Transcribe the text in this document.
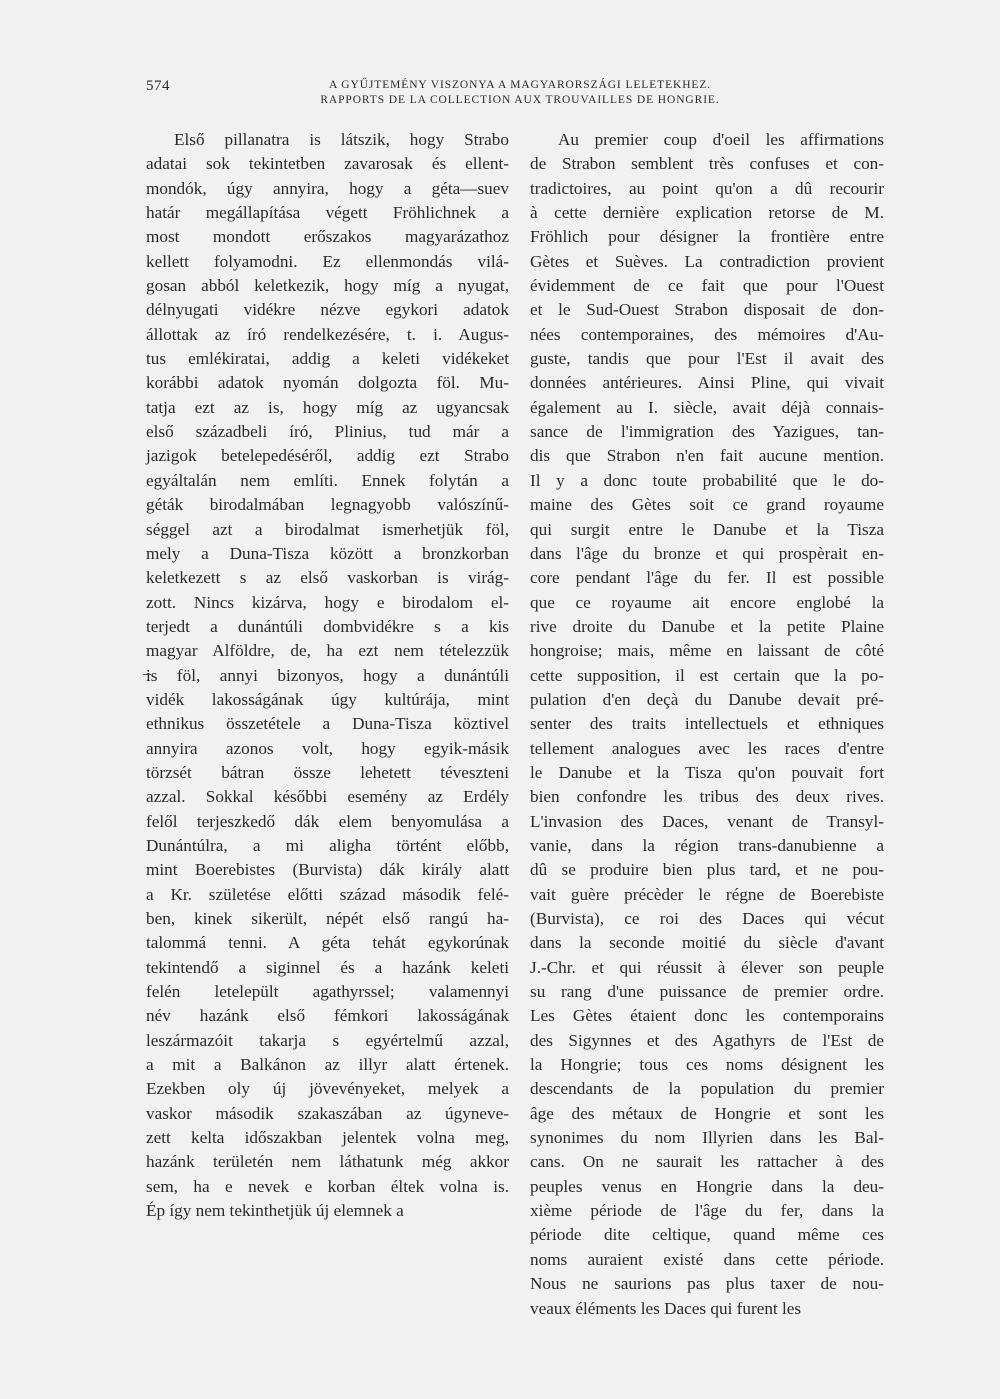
574	A GYŰJTEMÉNY VISZONYA A MAGYARORSZÁGI LELETEKHEZ.
RAPPORTS DE LA COLLECTION AUX TROUVAILLES DE HONGRIE.
Első pillanatra is látszik, hogy Strabo
adatai sok tekintetben zavarosak és ellent-
mondók, úgy annyira, hogy a géta—suev
határ megállapítása végett Fröhlichnek a
most mondott erőszakos magyarázathoz
kellett folyamodni. Ez ellenmondás vilá-
gosan abból keletkezik, hogy míg a nyugat,
délnyugati vidékre nézve egykori adatok
állottak az író rendelkezésére, t. i. Augus-
tus emlékiratai, addig a keleti vidékeket
korábbi adatok nyomán dolgozta föl. Mu-
tatja ezt az is, hogy míg az ugyancsak
első századbeli író, Plinius, tud már a
jazigok betelepedéséről, addig ezt Strabo
egyáltalán nem említi. Ennek folytán a
géták birodalmában legnagyobb valószínű-
séggel azt a birodalmat ismerhetjük föl,
mely a Duna-Tisza között a bronzkorban
keletkezett s az első vaskorban is virág-
zott. Nincs kizárva, hogy e birodalom el-
terjedt a dunántúli dombvidékre s a kis
magyar Alföldre, de, ha ezt nem tételezzük
is föl, annyi bizonyos, hogy a dunántúli
vidék lakosságának úgy kultúrája, mint
ethnikus összetétele a Duna-Tisza köztivel
annyira azonos volt, hogy egyik-másik
törzsét bátran össze lehetett téveszteni
azzal. Sokkal későbbi esemény az Erdély
felől terjeszkedő dák elem benyomulása a
Dunántúlra, a mi aligha történt előbb,
mint Boerebistes (Burvista) dák király alatt
a Kr. születése előtti század második felé-
ben, kinek sikerült, népét első rangú ha-
talommá tenni. A géta tehát egykorúnak
tekintendő a siginnel és a hazánk keleti
felén letelepült agathyrssel; valamennyi
név hazánk első fémkori lakosságának
leszármazóit takarja s egyértelmű azzal,
a mit a Balkánon az illyr alatt értenek.
Ezekben oly új jövevényeket, melyek a
vaskor második szakaszában az úgyneve-
zett kelta időszakban jelentek volna meg,
hazánk területén nem láthatunk még akkor
sem, ha e nevek e korban éltek volna is.
Ép így nem tekinthetjük új elemnek a
Au premier coup d'oeil les affirmations
de Strabon semblent très confuses et con-
tradictoires, au point qu'on a dû recourir
à cette dernière explication retorse de M.
Fröhlich pour désigner la frontière entre
Gètes et Suèves. La contradiction provient
évidemment de ce fait que pour l'Ouest
et le Sud-Ouest Strabon disposait de don-
nées contemporaines, des mémoires d'Au-
guste, tandis que pour l'Est il avait des
données antérieures. Ainsi Pline, qui vivait
également au I. siècle, avait déjà connais-
sance de l'immigration des Yazigues, tan-
dis que Strabon n'en fait aucune mention.
Il y a donc toute probabilité que le do-
maine des Gètes soit ce grand royaume
qui surgit entre le Danube et la Tisza
dans l'âge du bronze et qui prospèrait en-
core pendant l'âge du fer. Il est possible
que ce royaume ait encore englobé la
rive droite du Danube et la petite Plaine
hongroise; mais, même en laissant de côté
cette supposition, il est certain que la po-
pulation d'en deçà du Danube devait pré-
senter des traits intellectuels et ethniques
tellement analogues avec les races d'entre
le Danube et la Tisza qu'on pouvait fort
bien confondre les tribus des deux rives.
L'invasion des Daces, venant de Transyl-
vanie, dans la région trans-danubienne a
dû se produire bien plus tard, et ne pou-
vait guère précèder le régne de Boerebiste
(Burvista), ce roi des Daces qui vécut
dans la seconde moitié du siècle d'avant
J.-Chr. et qui réussit à élever son peuple
su rang d'une puissance de premier ordre.
Les Gètes étaient donc les contemporains
des Sigynnes et des Agathyrs de l'Est de
la Hongrie; tous ces noms désignent les
descendants de la population du premier
âge des métaux de Hongrie et sont les
synonimes du nom Illyrien dans les Bal-
cans. On ne saurait les rattacher à des
peuples venus en Hongrie dans la deu-
xième période de l'âge du fer, dans la
période dite celtique, quand même ces
noms auraient existé dans cette période.
Nous ne saurions pas plus taxer de nou-
veaux éléments les Daces qui furent les
